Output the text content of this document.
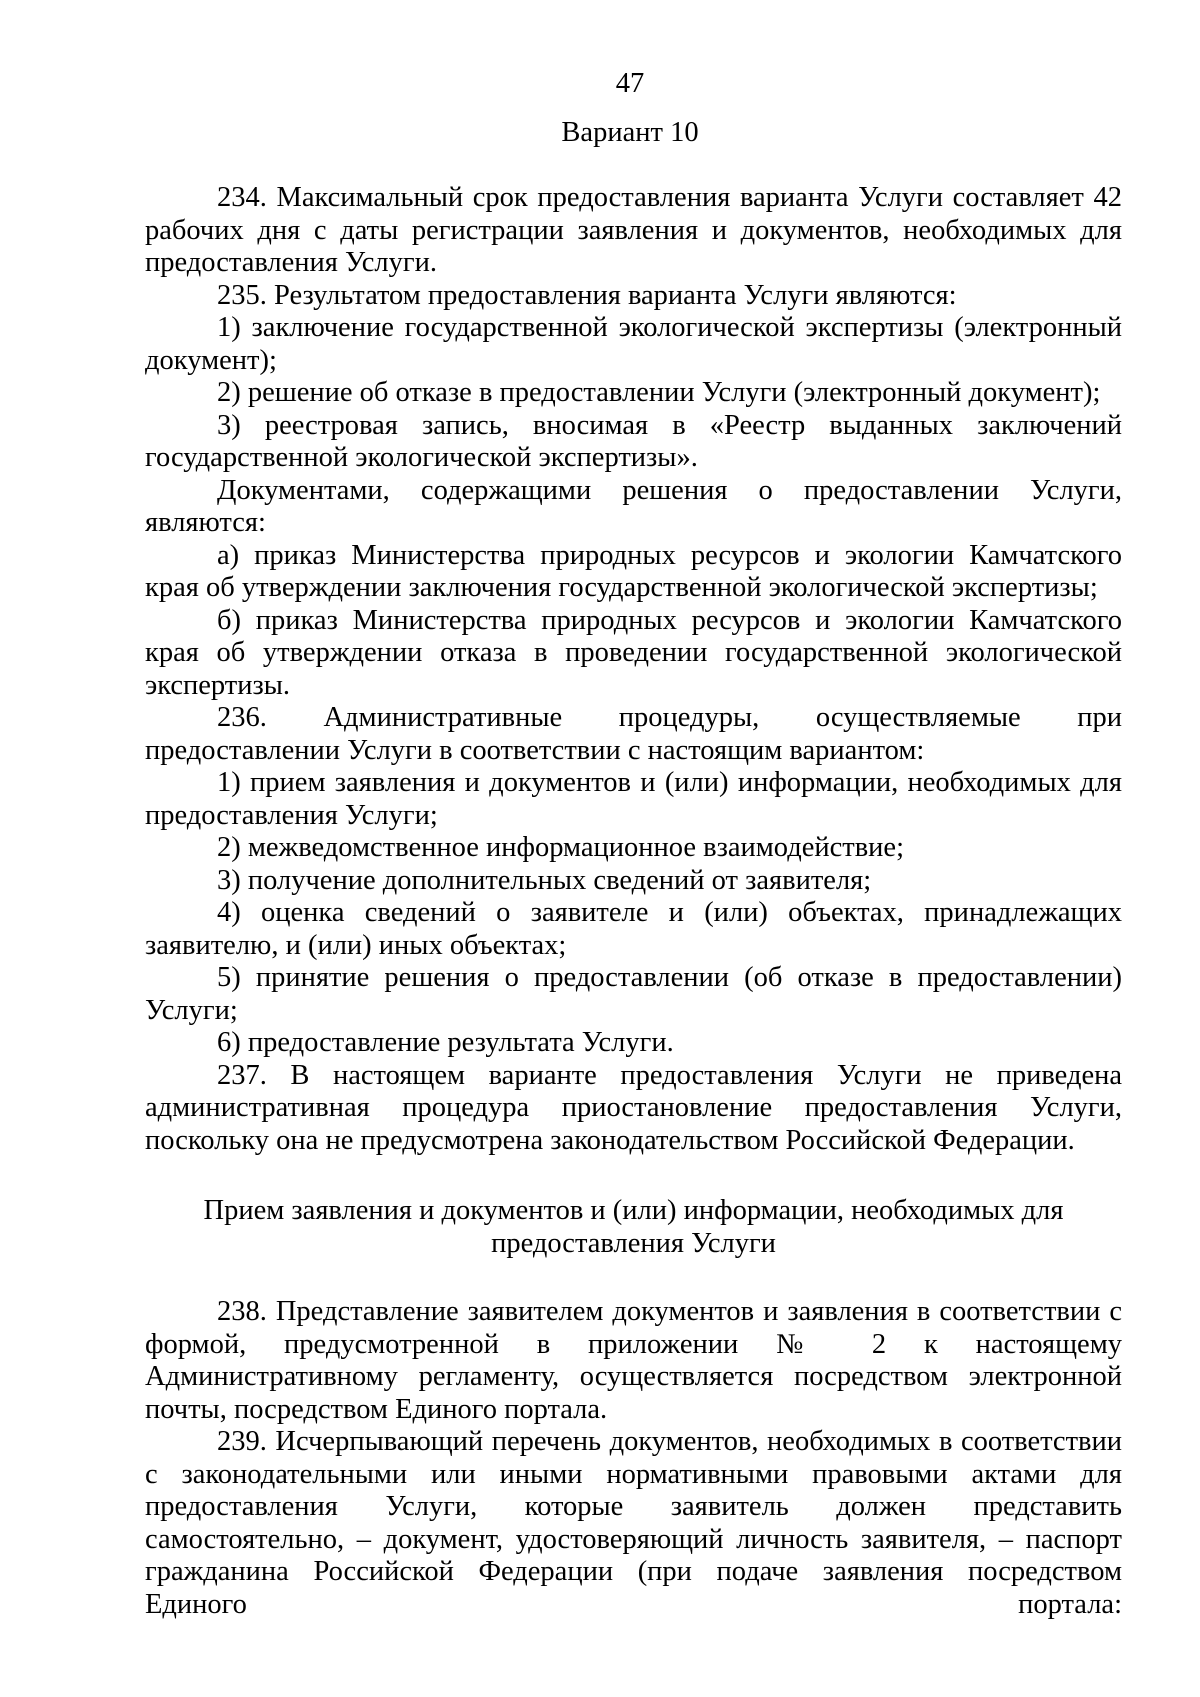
47
Вариант 10

234. Максимальный срок предоставления варианта Услуги составляет 42 рабочих дня с даты регистрации заявления и документов, необходимых для предоставления Услуги.

235. Результатом предоставления варианта Услуги являются:

1) заключение государственной экологической экспертизы (электронный документ);

2) решение об отказе в предоставлении Услуги (электронный документ);

3) реестровая запись, вносимая в «Реестр выданных заключений государственной экологической экспертизы».

Документами, содержащими решения о предоставлении Услуги, являются:

а) приказ Министерства природных ресурсов и экологии Камчатского края об утверждении заключения государственной экологической экспертизы;

б) приказ Министерства природных ресурсов и экологии Камчатского края об утверждении отказа в проведении государственной экологической экспертизы.

236. Административные процедуры, осуществляемые при предоставлении Услуги в соответствии с настоящим вариантом:

1) прием заявления и документов и (или) информации, необходимых для предоставления Услуги;

2) межведомственное информационное взаимодействие;

3) получение дополнительных сведений от заявителя;

4) оценка сведений о заявителе и (или) объектах, принадлежащих заявителю, и (или) иных объектах;

5) принятие решения о предоставлении (об отказе в предоставлении) Услуги;

6) предоставление результата Услуги.

237. В настоящем варианте предоставления Услуги не приведена административная процедура приостановление предоставления Услуги, поскольку она не предусмотрена законодательством Российской Федерации.

Прием заявления и документов и (или) информации, необходимых для предоставления Услуги

238. Представление заявителем документов и заявления в соответствии с формой, предусмотренной в приложении № 2 к настоящему Административному регламенту, осуществляется посредством электронной почты, посредством Единого портала.

239. Исчерпывающий перечень документов, необходимых в соответствии с законодательными или иными нормативными правовыми актами для предоставления Услуги, которые заявитель должен представить самостоятельно, – документ, удостоверяющий личность заявителя, – паспорт гражданина Российской Федерации (при подаче заявления посредством Единого портала:
